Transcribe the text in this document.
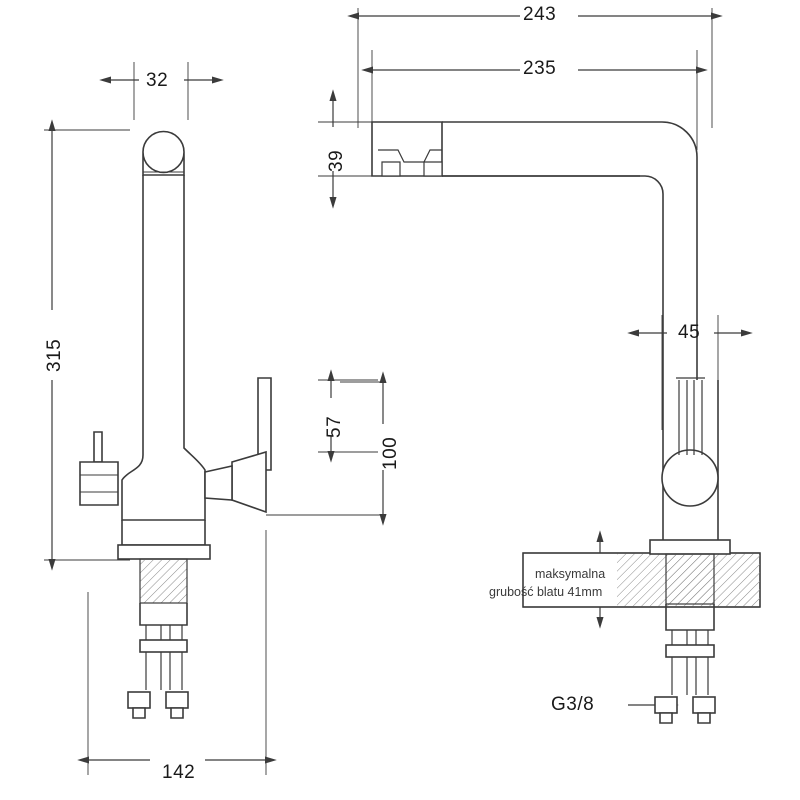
243
235
32
39
315
57
100
45
142
G3/8
maksymalna
grubość blatu 41mm
